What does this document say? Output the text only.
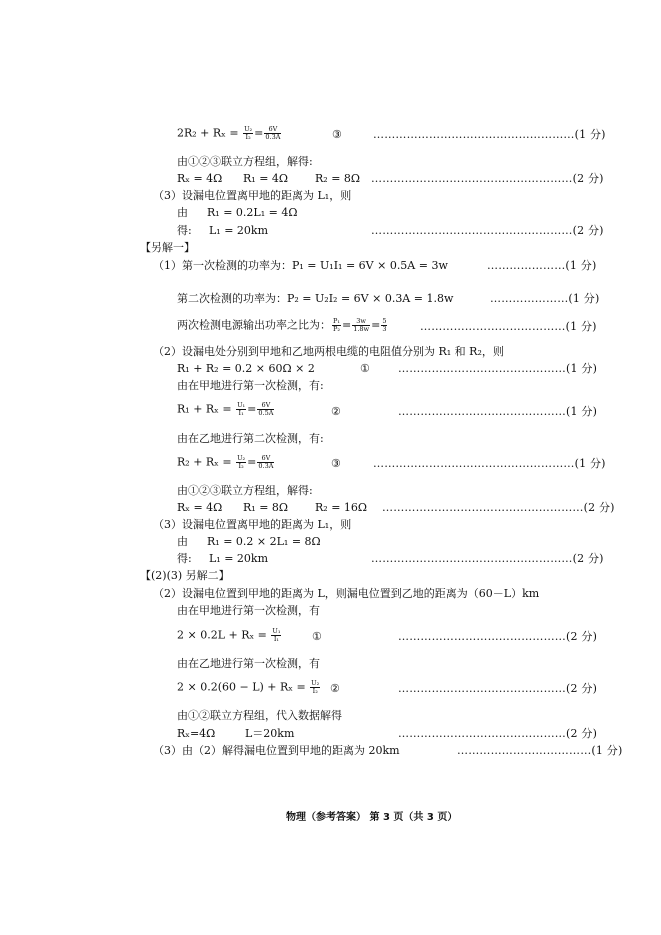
$2R_2 + R_x = \frac{\text{U₂}}{\text{I₂}} = \frac{6V}{0.3A}$	③	………………………………………………(1 分)
由①②③联立方程组，解得:
Rₓ = 4Ω R₁ = 4Ω R₂ = 8Ω ………………………………………………(2 分)
（3）设漏电位置离甲地的距离为 L₁，则
由 R₁ = 0.2L₁ = 4Ω
得: L₁ = 20km	………………………………………………(2 分)
【另解一】
（1）第一次检测的功率为：P₁ = U₁I₁ = 6V × 0.5A = 3w	…………………(1 分)
第二次检测的功率为：P₂ = U₂I₂ = 6V × 0.3A = 1.8w	…………………(1 分)
两次检测电源输出功率之比为： $\frac{\text{P₁}}{\text{P₂}} = \frac{3w}{1.8w} = \frac{5}{3}$	…………………………………(1 分)
（2）设漏电处分别到甲地和乙地两根电缆的电阻值分别为 R₁ 和 R₂，则
R₁ + R₂ = 0.2 × 60Ω × 2	①	………………………………………(1 分)
由在甲地进行第一次检测，有:
$R_1 + R_x = \frac{\text{U₁}}{\text{I₁}} = \frac{6V}{0.5A}$	②	………………………………………(1 分)
由在乙地进行第二次检测，有:
$R_2 + R_x = \frac{\text{U₂}}{\text{I₂}} = \frac{6V}{0.3A}$	③	………………………………………………(1 分)
由①②③联立方程组，解得:
Rₓ = 4Ω R₁ = 8Ω R₂ = 16Ω ………………………………………………(2 分)
（3）设漏电位置离甲地的距离为 L₁，则
由 R₁ = 0.2 × 2L₁ = 8Ω
得: L₁ = 20km	………………………………………………(2 分)
【(2)(3) 另解二】
（2）设漏电位置到甲地的距离为 L，则漏电位置到乙地的距离为（60－L）km
由在甲地进行第一次检测，有
$2 \times 0.2L + R_x = \frac{\text{U₁}}{\text{I₁}}$	①	………………………………………(2 分)
由在乙地进行第一次检测，有
$2 \times 0.2(60 - L) + R_x = \frac{\text{U₂}}{\text{I₂}}$ ②	………………………………………(2 分)
由①②联立方程组，代入数据解得
Rₓ=4Ω	L＝20km	………………………………………(2 分)
（3）由（2）解得漏电位置到甲地的距离为 20km	………………………………(1 分)
物理（参考答案） 第 3 页（共 3 页）
